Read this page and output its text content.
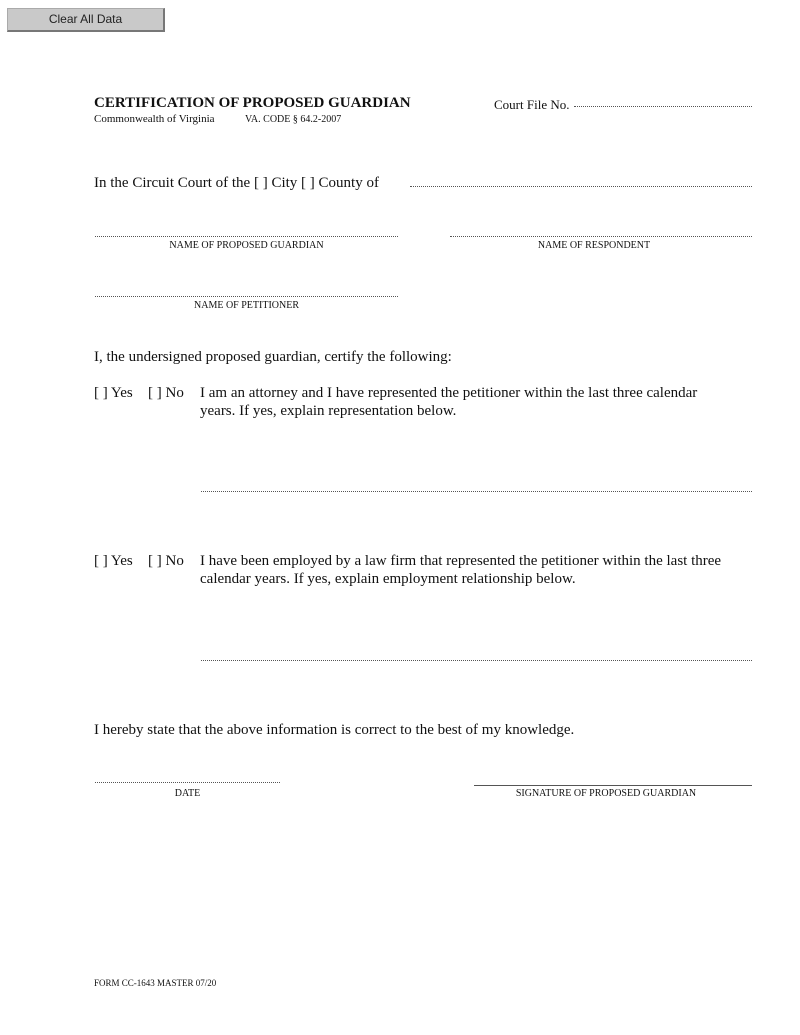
Clear All Data
CERTIFICATION OF PROPOSED GUARDIAN
Commonwealth of Virginia	VA. CODE § 64.2-2007
Court File No.
In the Circuit Court of the [ ] City [ ] County of
NAME OF PROPOSED GUARDIAN	NAME OF RESPONDENT
NAME OF PETITIONER
I, the undersigned proposed guardian, certify the following:
[ ] Yes [ ] No I am an attorney and I have represented the petitioner within the last three calendar
years. If yes, explain representation below.
[ ] Yes [ ] No I have been employed by a law firm that represented the petitioner within the last three
calendar years. If yes, explain employment relationship below.
I hereby state that the above information is correct to the best of my knowledge.
DATE	SIGNATURE OF PROPOSED GUARDIAN
FORM CC-1643 MASTER 07/20
